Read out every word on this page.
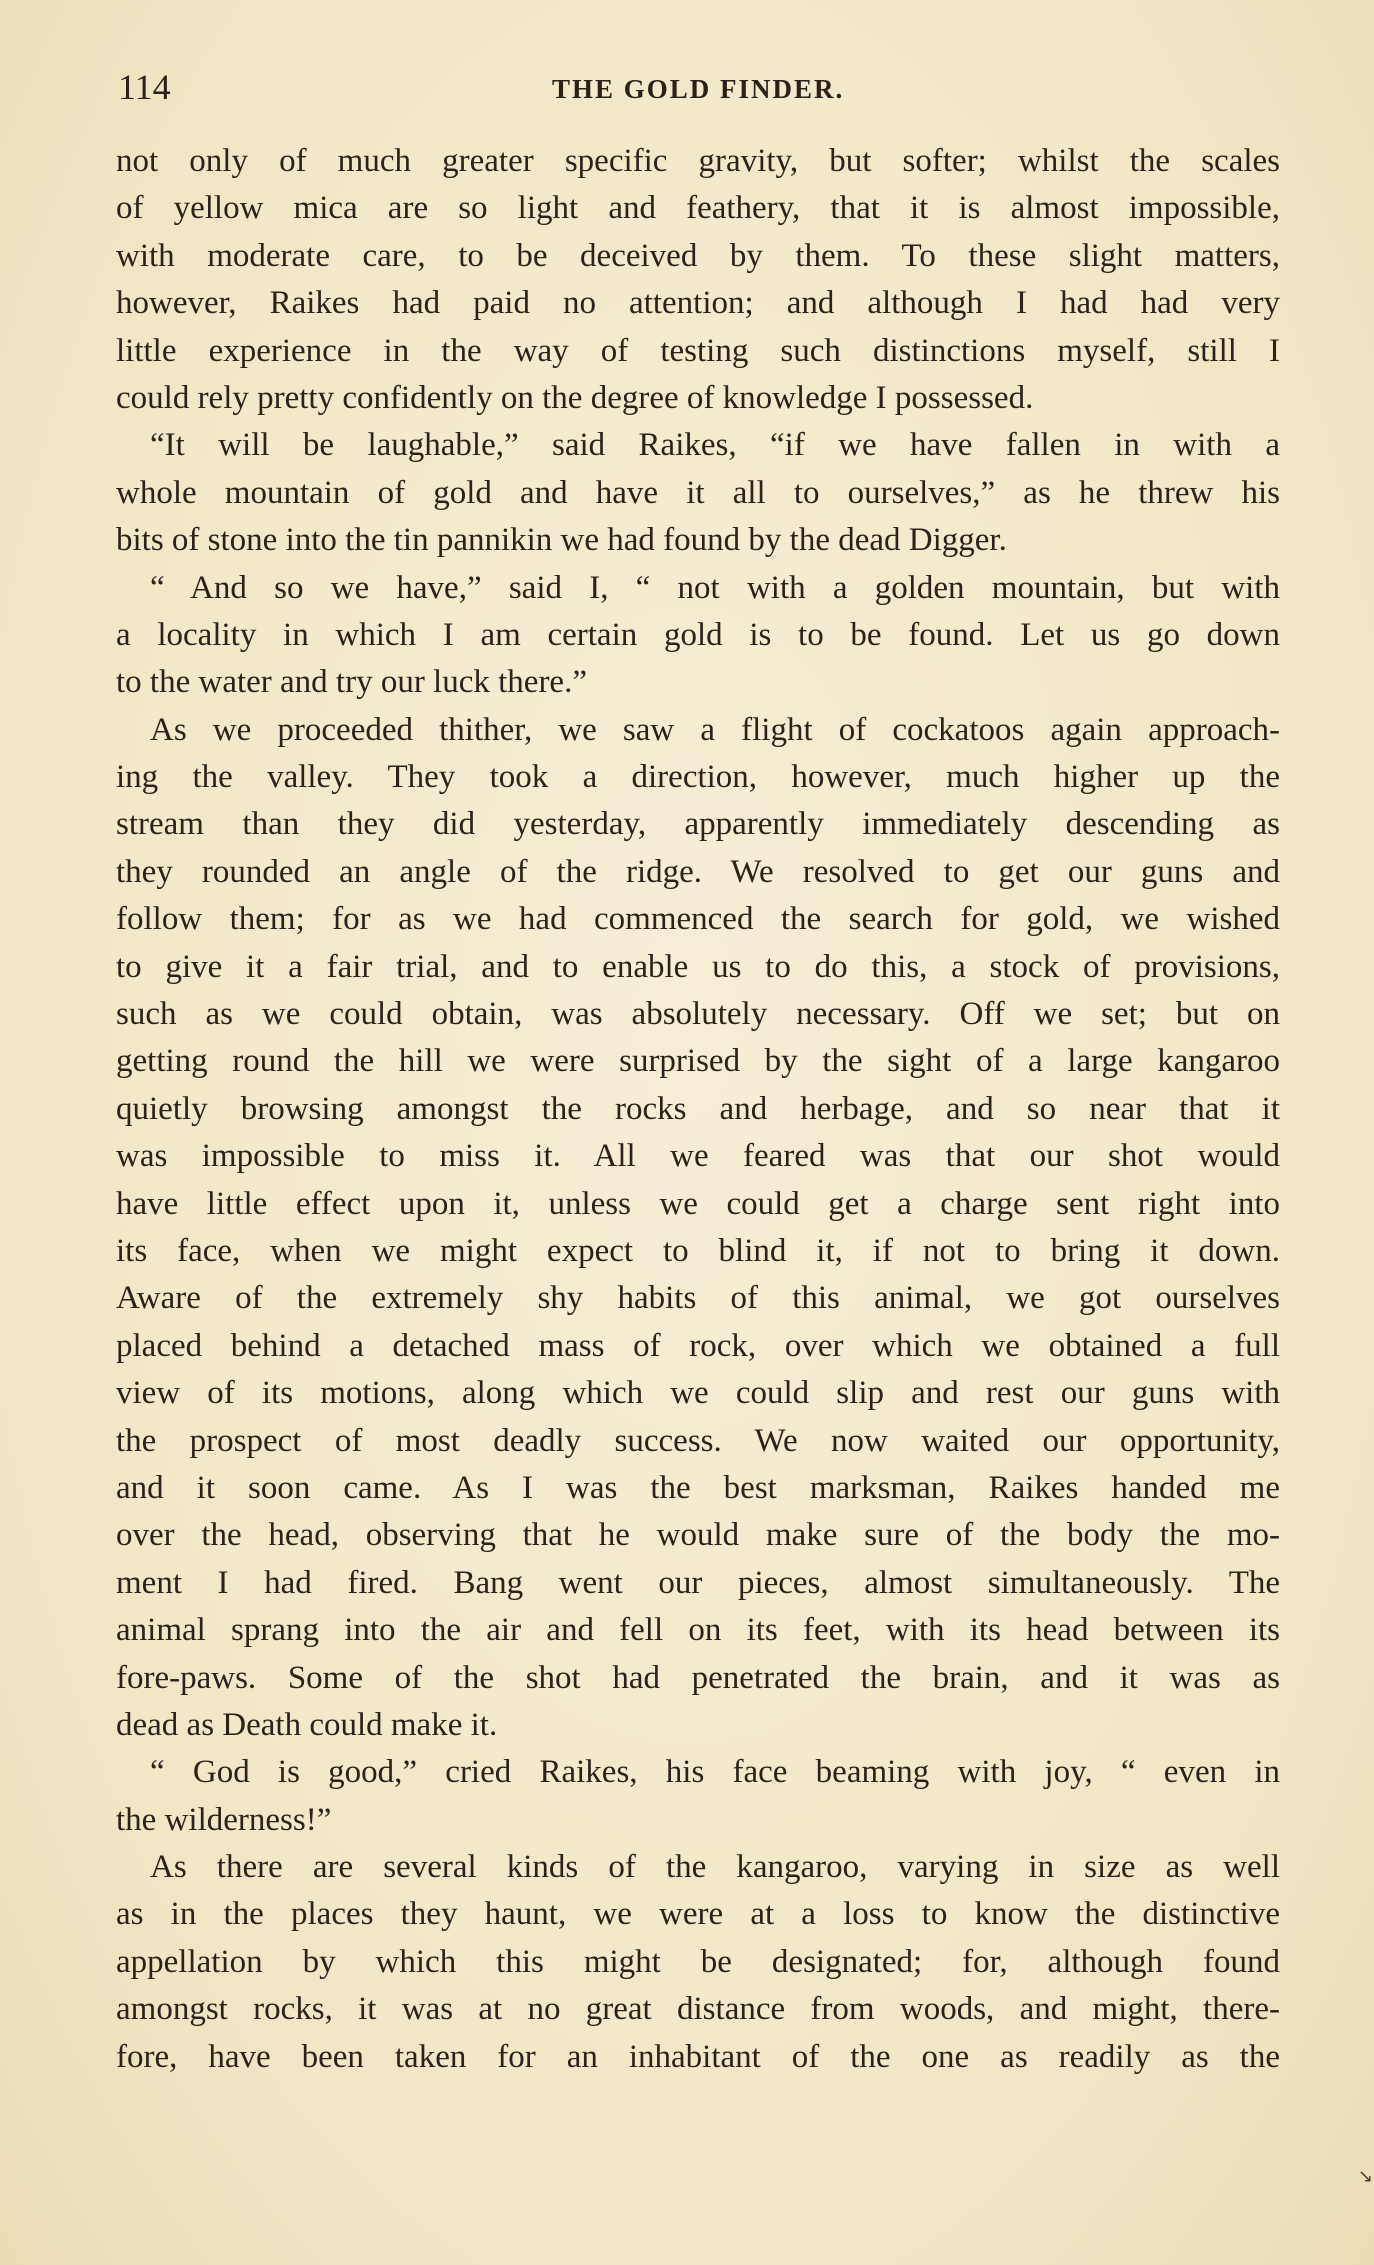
114	THE GOLD FINDER.
not only of much greater specific gravity, but softer; whilst the scales
of yellow mica are so light and feathery, that it is almost impossible,
with moderate care, to be deceived by them. To these slight matters,
however, Raikes had paid no attention; and although I had had very
little experience in the way of testing such distinctions myself, still I
could rely pretty confidently on the degree of knowledge I possessed.
“It will be laughable,” said Raikes, “if we have fallen in with a
whole mountain of gold and have it all to ourselves,” as he threw his
bits of stone into the tin pannikin we had found by the dead Digger.
“ And so we have,” said I, “ not with a golden mountain, but with
a locality in which I am certain gold is to be found. Let us go down
to the water and try our luck there.”
As we proceeded thither, we saw a flight of cockatoos again approach-
ing the valley. They took a direction, however, much higher up the
stream than they did yesterday, apparently immediately descending as
they rounded an angle of the ridge. We resolved to get our guns and
follow them; for as we had commenced the search for gold, we wished
to give it a fair trial, and to enable us to do this, a stock of provisions,
such as we could obtain, was absolutely necessary. Off we set; but on
getting round the hill we were surprised by the sight of a large kangaroo
quietly browsing amongst the rocks and herbage, and so near that it
was impossible to miss it. All we feared was that our shot would
have little effect upon it, unless we could get a charge sent right into
its face, when we might expect to blind it, if not to bring it down.
Aware of the extremely shy habits of this animal, we got ourselves
placed behind a detached mass of rock, over which we obtained a full
view of its motions, along which we could slip and rest our guns with
the prospect of most deadly success. We now waited our opportunity,
and it soon came. As I was the best marksman, Raikes handed me
over the head, observing that he would make sure of the body the mo-
ment I had fired. Bang went our pieces, almost simultaneously. The
animal sprang into the air and fell on its feet, with its head between its
fore-paws. Some of the shot had penetrated the brain, and it was as
dead as Death could make it.
“ God is good,” cried Raikes, his face beaming with joy, “ even in
the wilderness!”
As there are several kinds of the kangaroo, varying in size as well
as in the places they haunt, we were at a loss to know the distinctive
appellation by which this might be designated; for, although found
amongst rocks, it was at no great distance from woods, and might, there-
fore, have been taken for an inhabitant of the one as readily as the
↘
